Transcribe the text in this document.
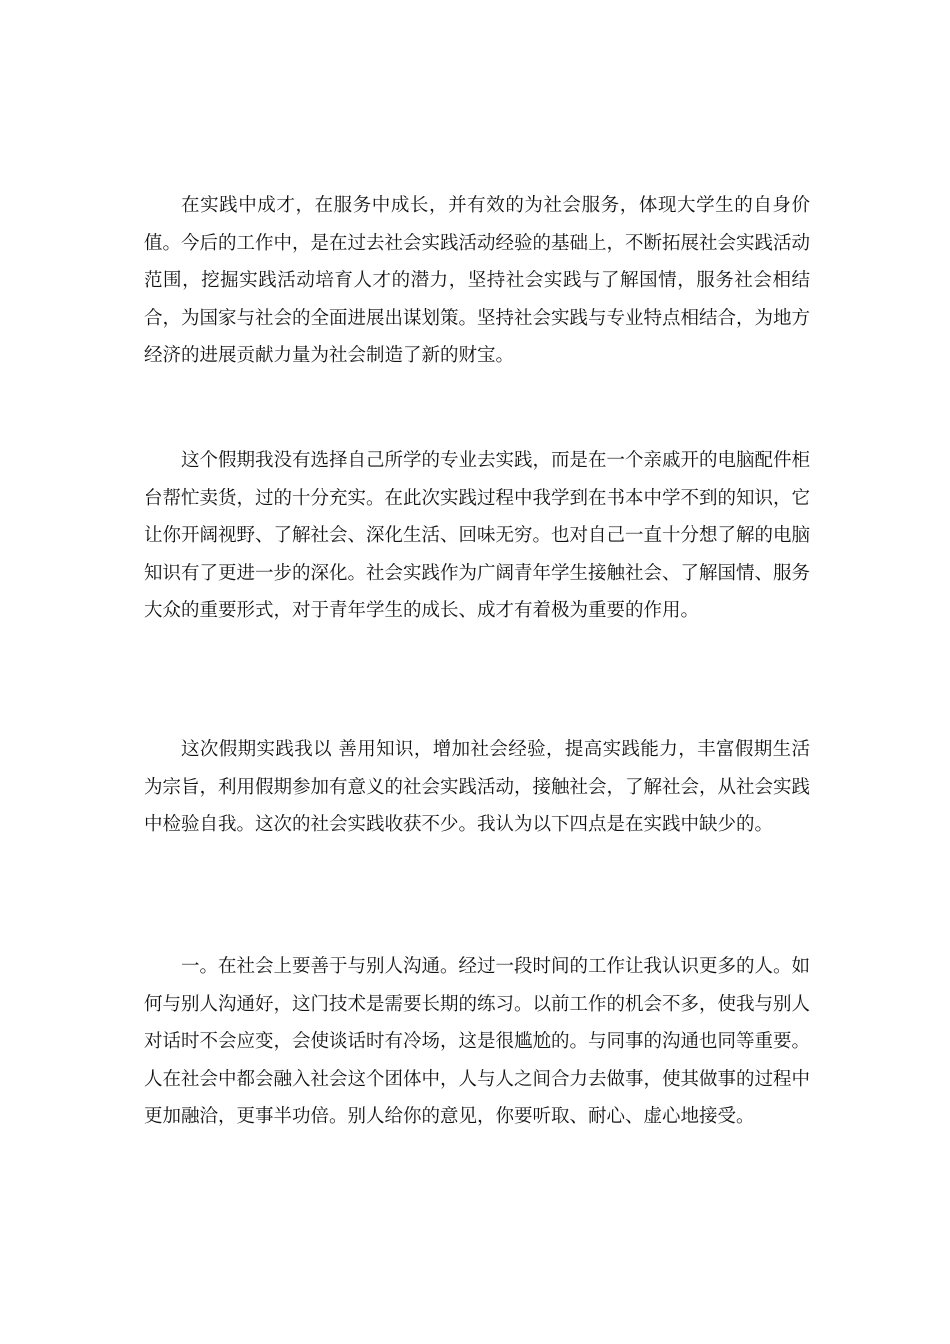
在实践中成才，在服务中成长，并有效的为社会服务，体现大学生的自身价值。今后的工作中，是在过去社会实践活动经验的基础上，不断拓展社会实践活动范围，挖掘实践活动培育人才的潜力，坚持社会实践与了解国情，服务社会相结合，为国家与社会的全面进展出谋划策。坚持社会实践与专业特点相结合，为地方经济的进展贡献力量为社会制造了新的财宝。

这个假期我没有选择自己所学的专业去实践，而是在一个亲戚开的电脑配件柜台帮忙卖货，过的十分充实。在此次实践过程中我学到在书本中学不到的知识，它让你开阔视野、了解社会、深化生活、回味无穷。也对自己一直十分想了解的电脑知识有了更进一步的深化。社会实践作为广阔青年学生接触社会、了解国情、服务大众的重要形式，对于青年学生的成长、成才有着极为重要的作用。

这次假期实践我以 善用知识，增加社会经验，提高实践能力，丰富假期生活 为宗旨，利用假期参加有意义的社会实践活动，接触社会，了解社会，从社会实践中检验自我。这次的社会实践收获不少。我认为以下四点是在实践中缺少的。

一。在社会上要善于与别人沟通。经过一段时间的工作让我认识更多的人。如何与别人沟通好，这门技术是需要长期的练习。以前工作的机会不多，使我与别人对话时不会应变，会使谈话时有冷场，这是很尴尬的。与同事的沟通也同等重要。人在社会中都会融入社会这个团体中，人与人之间合力去做事，使其做事的过程中更加融洽，更事半功倍。别人给你的意见，你要听取、耐心、虚心地接受。
